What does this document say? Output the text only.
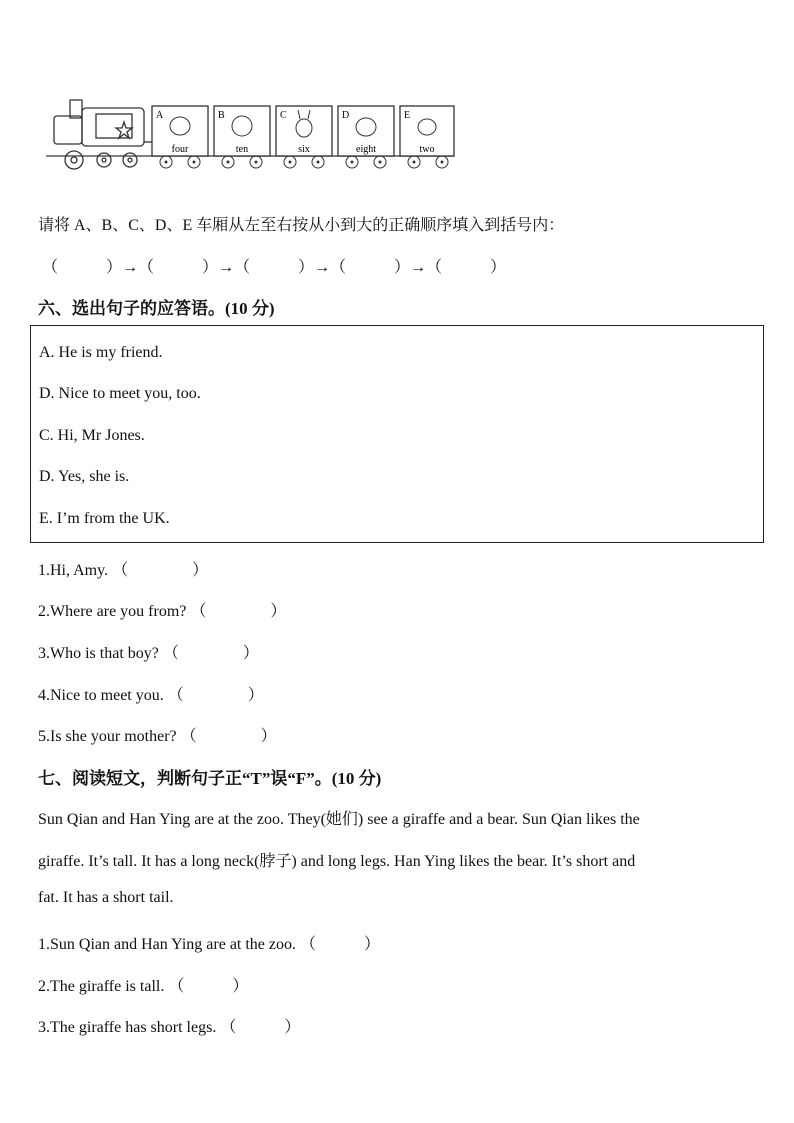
A
four
B
ten
C
six
D
eight
E
two
请将 A、B、C、D、E 车厢从左至右按从小到大的正确顺序填入到括号内：
（　　　）→（　　　）→（　　　）→（　　　）→（　　　）
六、选出句子的应答语。(10 分)
A. He is my friend.
D. Nice to meet you, too.
C. Hi, Mr Jones.
D. Yes, she is.
E. I’m from the UK.
1.Hi, Amy. （　　　　）
2.Where are you from? （　　　　）
3.Who is that boy? （　　　　）
4.Nice to meet you. （　　　　）
5.Is she your mother? （　　　　）
七、阅读短文，判断句子正“T”误“F”。(10 分)
Sun Qian and Han Ying are at the zoo. They(她们) see a giraffe and a bear. Sun Qian likes the
giraffe. It’s tall. It has a long neck(脖子) and long legs. Han Ying likes the bear. It’s short and
fat. It has a short tail.
1.Sun Qian and Han Ying are at the zoo. （　　　）
2.The giraffe is tall. （　　　）
3.The giraffe has short legs. （　　　）
